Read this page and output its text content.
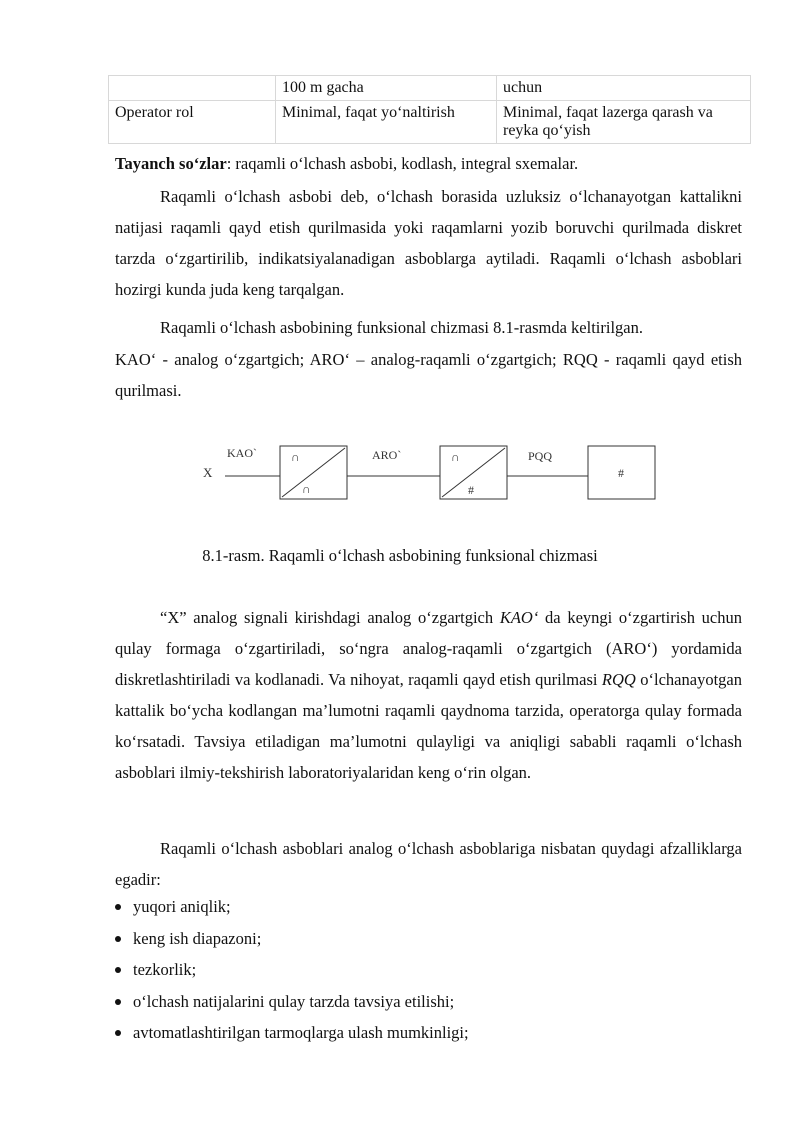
	100 m gacha	uchun
Operator rol	Minimal, faqat yo‘naltirish	Minimal, faqat lazerga qarash va reyka qo‘yish
Tayanch so‘zlar: raqamli o‘lchash asbobi, kodlash, integral sxemalar.
Raqamli o‘lchash asbobi deb, o‘lchash borasida uzluksiz o‘lchanayotgan kattalikni natijasi raqamli qayd etish qurilmasida yoki raqamlarni yozib boruvchi qurilmada diskret tarzda o‘zgartirilib, indikatsiyalanadigan asboblarga aytiladi. Raqamli o‘lchash asboblari hozirgi kunda juda keng tarqalgan.
Raqamli o‘lchash asbobining funksional chizmasi 8.1-rasmda keltirilgan.
KAO‘ - analog o‘zgartgich; ARO‘ – analog-raqamli o‘zgartgich; RQQ - raqamli qayd etish qurilmasi.
X
KAO`	∩
∩
ARO`	∩
#
PQQ
#
8.1-rasm. Raqamli o‘lchash asbobining funksional chizmasi
“X” analog signali kirishdagi analog o‘zgartgich KAO‘ da keyngi o‘zgartirish uchun qulay formaga o‘zgartiriladi, so‘ngra analog-raqamli o‘zgartgich (ARO‘) yordamida diskretlashtiriladi va kodlanadi. Va nihoyat, raqamli qayd etish qurilmasi RQQ o‘lchanayotgan kattalik bo‘ycha kodlangan ma’lumotni raqamli qaydnoma tarzida, operatorga qulay formada ko‘rsatadi. Tavsiya etiladigan ma’lumotni qulayligi va aniqligi sababli raqamli o‘lchash asboblari ilmiy-tekshirish laboratoriyalaridan keng o‘rin olgan.
Raqamli o‘lchash asboblari analog o‘lchash asboblariga nisbatan quydagi afzalliklarga egadir:
yuqori aniqlik;
keng ish diapazoni;
tezkorlik;
o‘lchash natijalarini qulay tarzda tavsiya etilishi;
avtomatlashtirilgan tarmoqlarga ulash mumkinligi;
